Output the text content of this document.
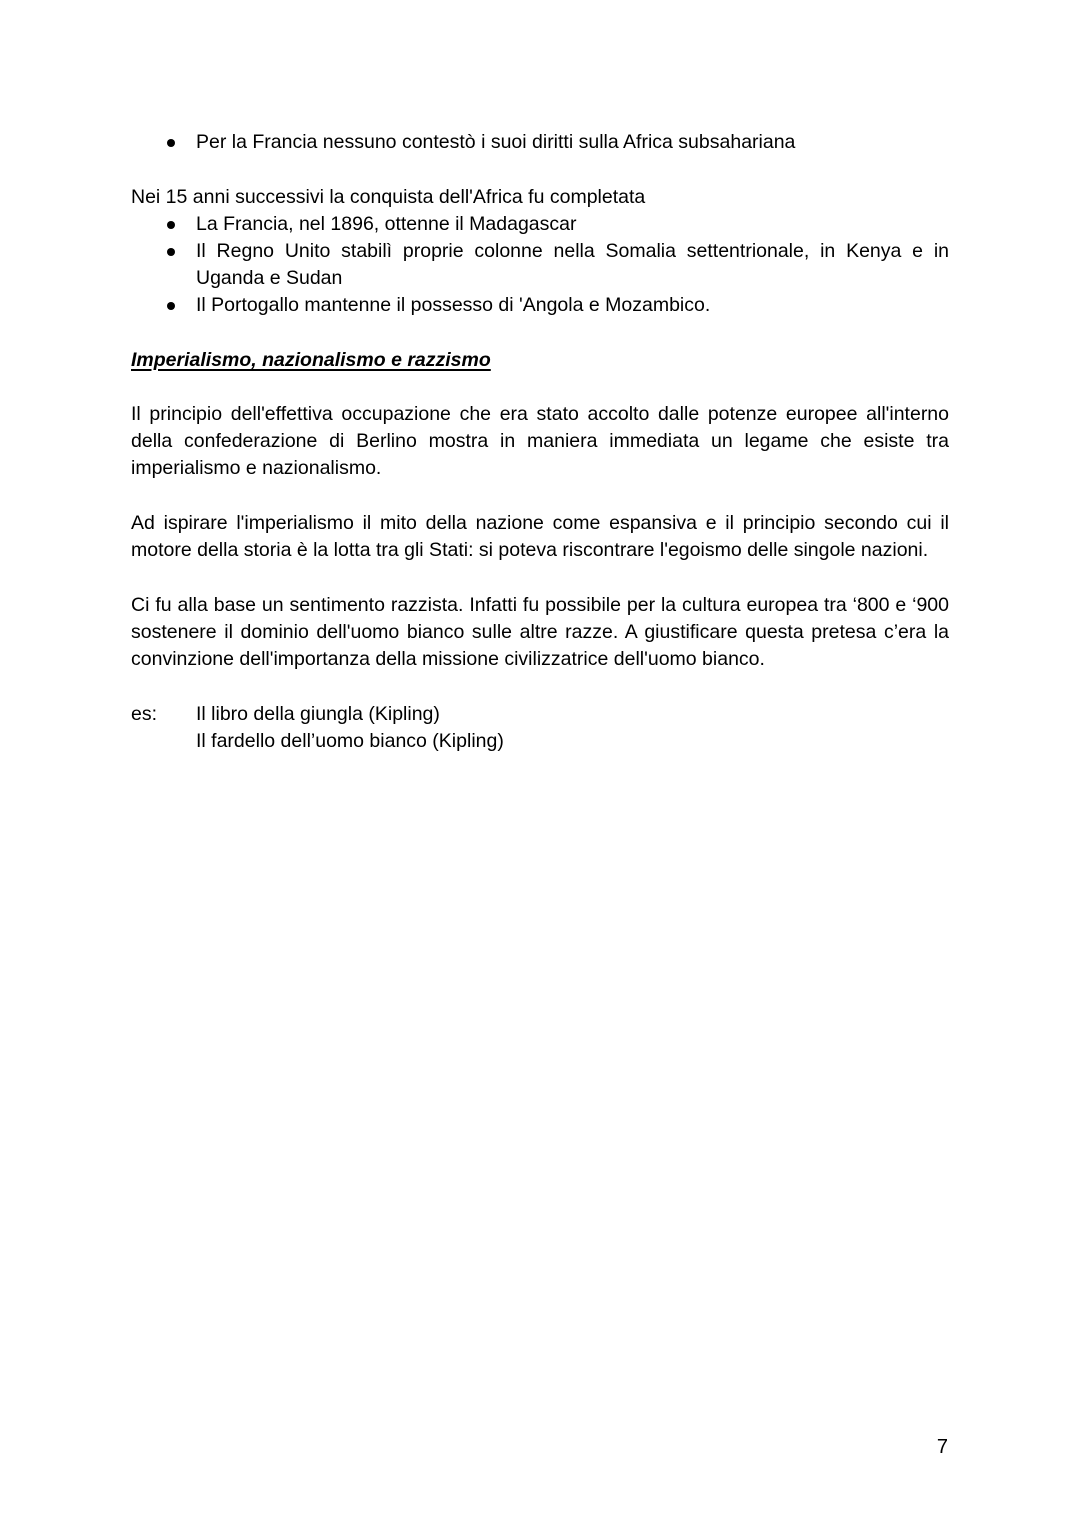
Per la Francia nessuno contestò i suoi diritti sulla Africa subsahariana

Nei 15 anni successivi la conquista dell'Africa fu completata

La Francia, nel 1896, ottenne il Madagascar
Il Regno Unito stabilì proprie colonne nella Somalia settentrionale, in Kenya e in Uganda e Sudan
Il Portogallo mantenne il possesso di 'Angola e Mozambico.
Imperialismo, nazionalismo e razzismo

Il principio dell'effettiva occupazione che era stato accolto dalle potenze europee all'interno della confederazione di Berlino mostra in maniera immediata un legame che esiste tra imperialismo e nazionalismo.

Ad ispirare l'imperialismo il mito della nazione come espansiva e il principio secondo cui il motore della storia è la lotta tra gli Stati: si poteva riscontrare l'egoismo delle singole nazioni.

Ci fu alla base un sentimento razzista. Infatti fu possibile per la cultura europea tra ‘800 e ‘900 sostenere il dominio dell'uomo bianco sulle altre razze. A giustificare questa pretesa c’era la convinzione dell'importanza della missione civilizzatrice dell'uomo bianco.

es:	Il libro della giungla (Kipling)
Il fardello dell’uomo bianco (Kipling)
7
